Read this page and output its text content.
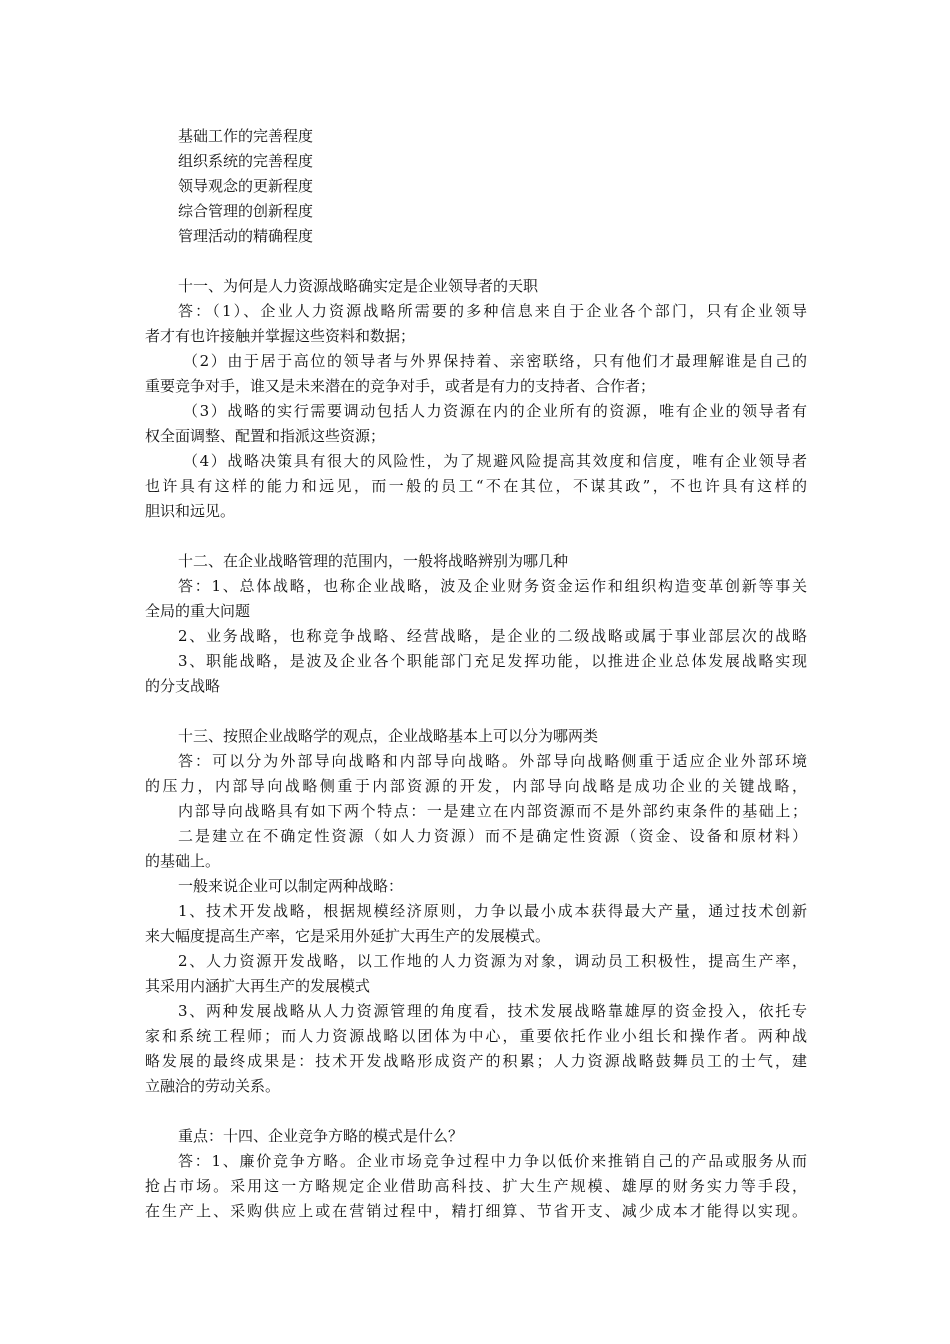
基础工作的完善程度
组织系统的完善程度
领导观念的更新程度
综合管理的创新程度
管理活动的精确程度
十一、为何是人力资源战略确实定是企业领导者的天职
答：（1）、企业人力资源战略所需要的多种信息来自于企业各个部门，只有企业领导
者才有也许接触并掌握这些资料和数据；
（2）由于居于高位的领导者与外界保持着、亲密联络，只有他们才最理解谁是自己的
重要竞争对手，谁又是未来潜在的竞争对手，或者是有力的支持者、合作者；
（3）战略的实行需要调动包括人力资源在内的企业所有的资源，唯有企业的领导者有
权全面调整、配置和指派这些资源；
（4）战略决策具有很大的风险性，为了规避风险提高其效度和信度，唯有企业领导者
也许具有这样的能力和远见，而一般的员工“不在其位，不谋其政”，不也许具有这样的
胆识和远见。
十二、在企业战略管理的范围内，一般将战略辨别为哪几种
答：1、总体战略，也称企业战略，波及企业财务资金运作和组织构造变革创新等事关
全局的重大问题
2、业务战略，也称竞争战略、经营战略，是企业的二级战略或属于事业部层次的战略
3、职能战略，是波及企业各个职能部门充足发挥功能，以推进企业总体发展战略实现
的分支战略
十三、按照企业战略学的观点，企业战略基本上可以分为哪两类
答：可以分为外部导向战略和内部导向战略。外部导向战略侧重于适应企业外部环境
的压力，内部导向战略侧重于内部资源的开发，内部导向战略是成功企业的关键战略，
内部导向战略具有如下两个特点：一是建立在内部资源而不是外部约束条件的基础上；
二是建立在不确定性资源（如人力资源）而不是确定性资源（资金、设备和原材料）
的基础上。
一般来说企业可以制定两种战略：
1、技术开发战略，根据规模经济原则，力争以最小成本获得最大产量，通过技术创新
来大幅度提高生产率，它是采用外延扩大再生产的发展模式。
2、人力资源开发战略，以工作地的人力资源为对象，调动员工积极性，提高生产率，
其采用内涵扩大再生产的发展模式
3、两种发展战略从人力资源管理的角度看，技术发展战略靠雄厚的资金投入，依托专
家和系统工程师；而人力资源战略以团体为中心，重要依托作业小组长和操作者。两种战
略发展的最终成果是：技术开发战略形成资产的积累；人力资源战略鼓舞员工的士气，建
立融洽的劳动关系。
重点：十四、企业竞争方略的模式是什么？
答：1、廉价竞争方略。企业市场竞争过程中力争以低价来推销自己的产品或服务从而
抢占市场。采用这一方略规定企业借助高科技、扩大生产规模、雄厚的财务实力等手段，
在生产上、采购供应上或在营销过程中，精打细算、节省开支、减少成本才能得以实现。
